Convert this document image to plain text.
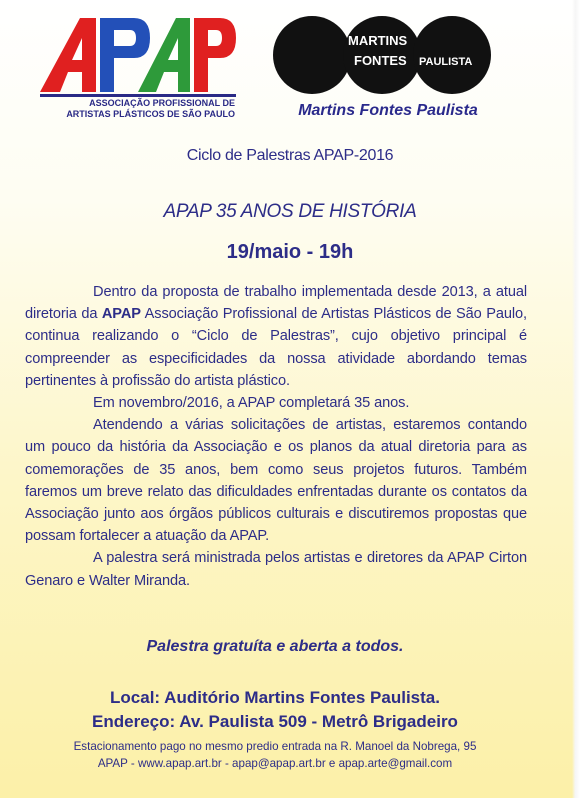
ASSOCIAÇÃO PROFISSIONAL DE
ARTISTAS PLÁSTICOS DE SÃO PAULO
MARTINS
FONTES PAULISTA
Martins Fontes Paulista
Ciclo de Palestras APAP-2016
APAP 35 ANOS DE HISTÓRIA
19/maio - 19h

Dentro da proposta de trabalho implementada desde 2013, a atual diretoria da APAP Associação Profissional de Artistas Plásticos de São Paulo, continua realizando o “Ciclo de Palestras”, cujo objetivo principal é compreender as especificidades da nossa atividade abordando temas pertinentes à profissão do artista plástico.

Em novembro/2016, a APAP completará 35 anos.

Atendendo a várias solicitações de artistas, estaremos contando um pouco da história da Associação e os planos da atual diretoria para as comemorações de 35 anos, bem como seus projetos futuros. Também faremos um breve relato das dificuldades enfrentadas durante os contatos da Associação junto aos órgãos públicos culturais e discutiremos propostas que possam fortalecer a atuação da APAP.

A palestra será ministrada pelos artistas e diretores da APAP Cirton Genaro e Walter Miranda.

Palestra gratuíta e aberta a todos.
Local: Auditório Martins Fontes Paulista.
Endereço: Av. Paulista 509 - Metrô Brigadeiro
Estacionamento pago no mesmo predio entrada na R. Manoel da Nobrega, 95
APAP - www.apap.art.br - apap@apap.art.br e apap.arte@gmail.com
